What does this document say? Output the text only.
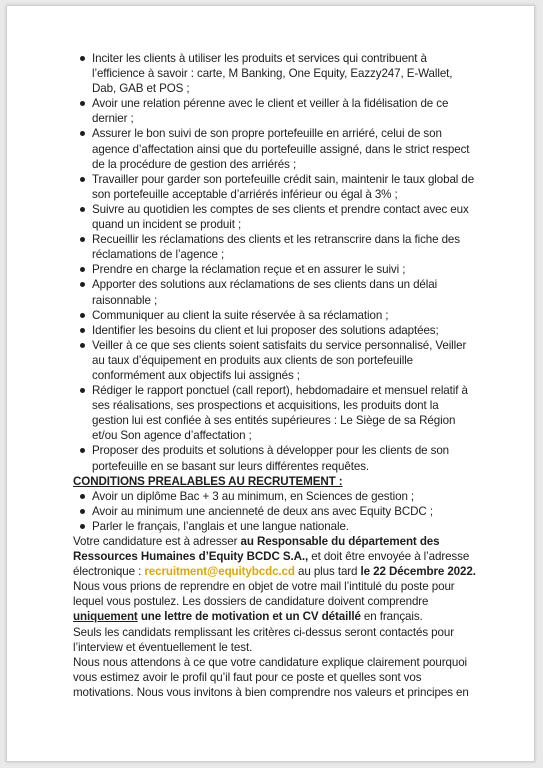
Inciter les clients à utiliser les produits et services qui contribuent à l’efficience à savoir : carte, M Banking, One Equity, Eazzy247, E-Wallet, Dab, GAB et POS ;
Avoir une relation pérenne avec le client et veiller à la fidélisation de ce dernier ;
Assurer le bon suivi de son propre portefeuille en arriéré, celui de son agence d’affectation ainsi que du portefeuille assigné, dans le strict respect de la procédure de gestion des arriérés ;
Travailler pour garder son portefeuille crédit sain, maintenir le taux global de son portefeuille acceptable d’arriérés inférieur ou égal à 3% ;
Suivre au quotidien les comptes de ses clients et prendre contact avec eux quand un incident se produit ;
Recueillir les réclamations des clients et les retranscrire dans la fiche des réclamations de l’agence ;
Prendre en charge la réclamation reçue et en assurer le suivi ;
Apporter des solutions aux réclamations de ses clients dans un délai raisonnable ;
Communiquer au client la suite réservée à sa réclamation ;
Identifier les besoins du client et lui proposer des solutions adaptées;
Veiller à ce que ses clients soient satisfaits du service personnalisé, Veiller au taux d’équipement en produits aux clients de son portefeuille conformément aux objectifs lui assignés ;
Rédiger le rapport ponctuel (call report), hebdomadaire et mensuel relatif à ses réalisations, ses prospections et acquisitions, les produits dont la gestion lui est confiée à ses entités supérieures : Le Siège de sa Région et/ou Son agence d’affectation ;
Proposer des produits et solutions à développer pour les clients de son portefeuille en se basant sur leurs différentes requêtes.

CONDITIONS PREALABLES AU RECRUTEMENT :

Avoir un diplôme Bac + 3 au minimum, en Sciences de gestion ;
Avoir au minimum une ancienneté de deux ans avec Equity BCDC ;
Parler le français, l’anglais et une langue nationale.

Votre candidature est à adresser au Responsable du département des Ressources Humaines d’Equity BCDC S.A., et doit être envoyée à l’adresse électronique : recruitment@equitybcdc.cd au plus tard le 22 Décembre 2022.

Nous vous prions de reprendre en objet de votre mail l’intitulé du poste pour lequel vous postulez. Les dossiers de candidature doivent comprendre uniquement une lettre de motivation et un CV détaillé en français.

Seuls les candidats remplissant les critères ci-dessus seront contactés pour l’interview et éventuellement le test.

Nous nous attendons à ce que votre candidature explique clairement pourquoi vous estimez avoir le profil qu’il faut pour ce poste et quelles sont vos motivations. Nous vous invitons à bien comprendre nos valeurs et principes en
